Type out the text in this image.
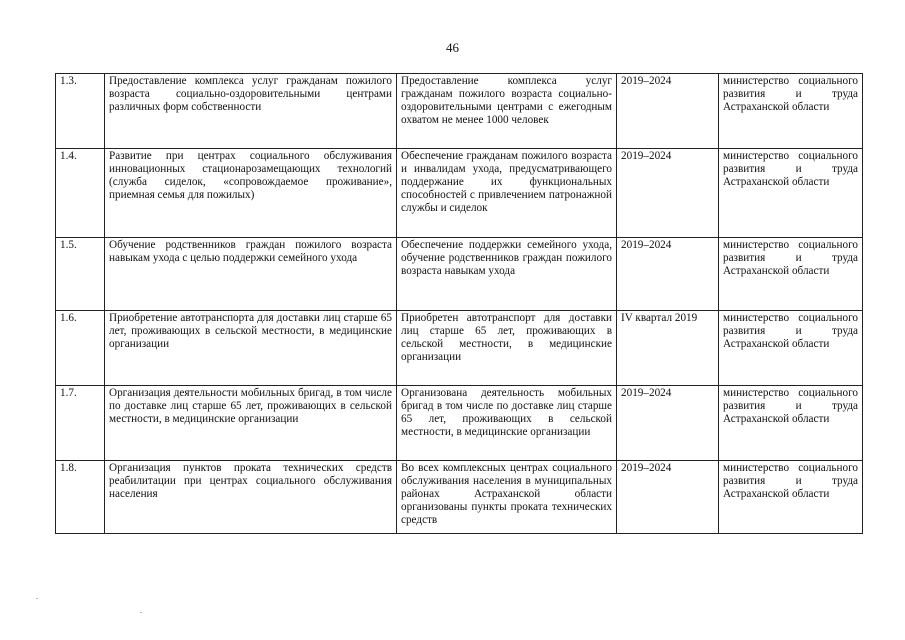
46
1.3.	Предоставление комплекса услуг гражданам пожилого возраста социально-оздоровительными центрами различных форм собственности	Предоставление комплекса услуг гражданам пожилого возраста социально-оздоровительными центрами с ежегодным охватом не менее 1000 человек	2019–2024	министерство социального развития и труда Астраханской области
1.4.	Развитие при центрах социального обслуживания инновационных стационарозамещающих технологий (служба сиделок, «сопровождаемое проживание», приемная семья для пожилых)	Обеспечение гражданам пожилого возраста и инвалидам ухода, предусматривающего поддержание их функциональных способностей с привлечением патронажной службы и сиделок	2019–2024	министерство социального развития и труда Астраханской области
1.5.	Обучение родственников граждан пожилого возраста навыкам ухода с целью поддержки семейного ухода	Обеспечение поддержки семейного ухода, обучение родственников граждан пожилого возраста навыкам ухода	2019–2024	министерство социального развития и труда Астраханской области
1.6.	Приобретение автотранспорта для доставки лиц старше 65 лет, проживающих в сельской местности, в медицинские организации	Приобретен автотранспорт для доставки лиц старше 65 лет, проживающих в сельской местности, в медицинские организации	IV квартал 2019	министерство социального развития и труда Астраханской области
1.7.	Организация деятельности мобильных бригад, в том числе по доставке лиц старше 65 лет, проживающих в сельской местности, в медицинские организации	Организована деятельность мобильных бригад в том числе по доставке лиц старше 65 лет, проживающих в сельской местности, в медицинские организации	2019–2024	министерство социального развития и труда Астраханской области
1.8.	Организация пунктов проката технических средств реабилитации при центрах социального обслуживания населения	Во всех комплексных центрах социального обслуживания населения в муниципальных районах Астраханской области организованы пункты проката технических средств	2019–2024	министерство социального развития и труда Астраханской области
